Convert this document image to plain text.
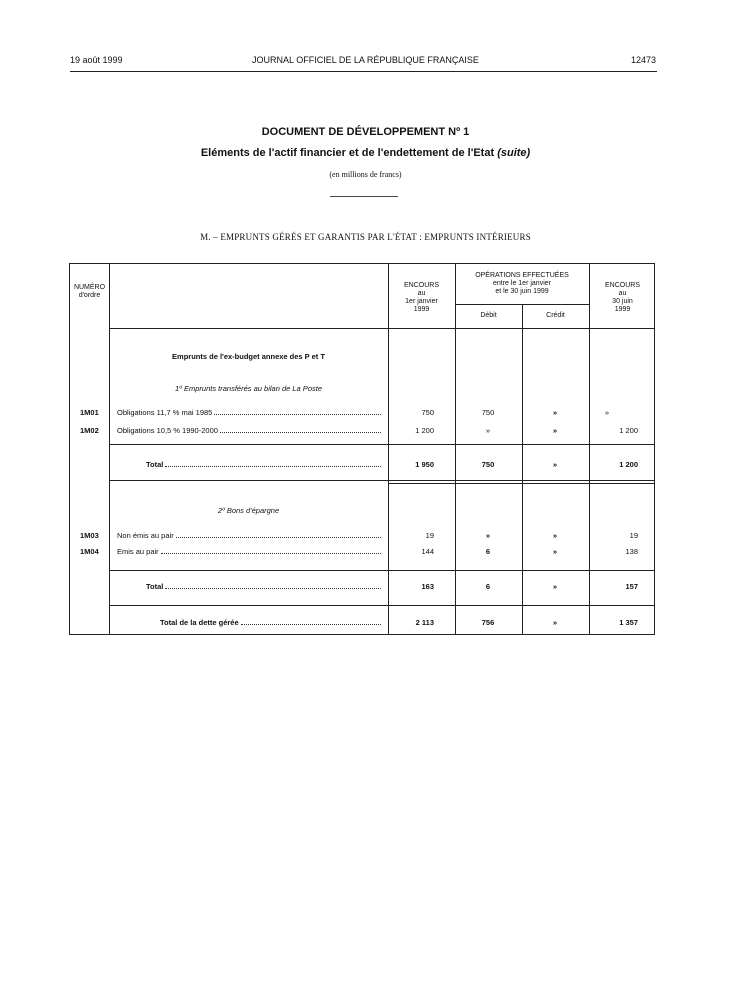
19 août 1999	JOURNAL OFFICIEL DE LA RÉPUBLIQUE FRANÇAISE	12473
DOCUMENT DE DÉVELOPPEMENT Nº 1
Eléments de l'actif financier et de l'endettement de l'Etat (suite)
(en millions de francs)
M. – EMPRUNTS GÉRÉS ET GARANTIS PAR L'ÉTAT : EMPRUNTS INTÉRIEURS
NUMÉRO
d'ordre
ENCOURS
au
1er janvier
1999
OPÉRATIONS EFFECTUÉES
entre le 1er janvier
et le 30 juin 1999
Débit	Crédit
ENCOURS
au
30 juin
1999
Emprunts de l'ex-budget annexe des P et T
1º Emprunts transférés au bilan de La Poste
1M01 Obligations 11,7 % mai 1985	750	750	»	»
1M02 Obligations 10,5 % 1990-2000	1 200	»	»	1 200
Total	1 950	750	»	1 200
2º Bons d'épargne
1M03 Non émis au pair	19	»	»	19
1M04 Emis au pair	144	6	»	138
Total	163	6	»	157
Total de la dette gérée	2 113	756	»	1 357
